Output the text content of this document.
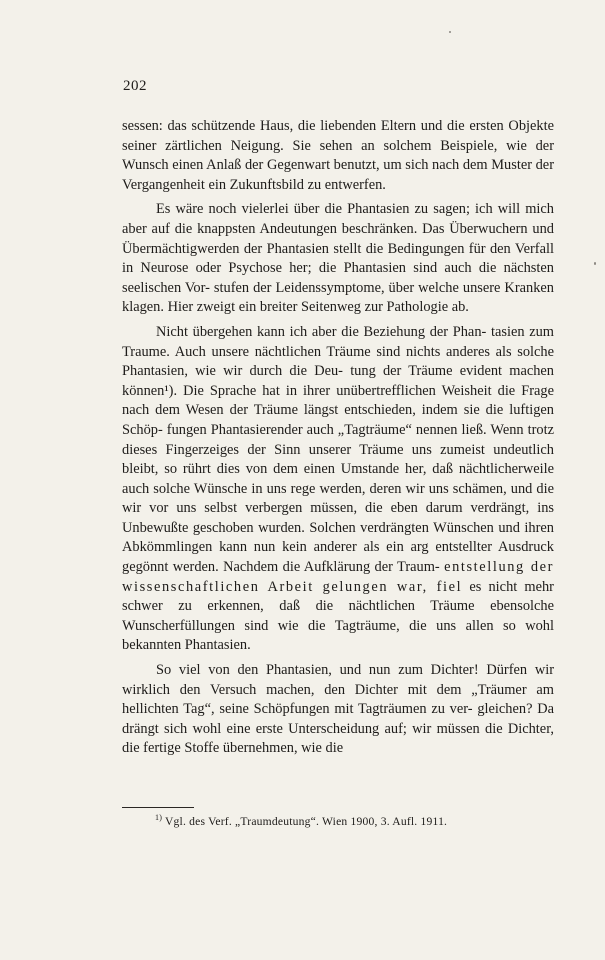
202

sessen: das schützende Haus, die liebenden Eltern und die ersten Objekte seiner zärtlichen Neigung. Sie sehen an solchem Beispiele, wie der Wunsch einen Anlaß der Gegenwart benutzt, um sich nach dem Muster der Vergangenheit ein Zukunftsbild zu entwerfen.

Es wäre noch vielerlei über die Phantasien zu sagen; ich will mich aber auf die knappsten Andeutungen beschränken. Das Überwuchern und Übermächtigwerden der Phantasien stellt die Bedingungen für den Verfall in Neurose oder Psychose her; die Phantasien sind auch die nächsten seelischen Vor- stufen der Leidenssymptome, über welche unsere Kranken klagen. Hier zweigt ein breiter Seitenweg zur Pathologie ab.

Nicht übergehen kann ich aber die Beziehung der Phan- tasien zum Traume. Auch unsere nächtlichen Träume sind nichts anderes als solche Phantasien, wie wir durch die Deu- tung der Träume evident machen können¹). Die Sprache hat in ihrer unübertrefflichen Weisheit die Frage nach dem Wesen der Träume längst entschieden, indem sie die luftigen Schöp- fungen Phantasierender auch „Tagträume“ nennen ließ. Wenn trotz dieses Fingerzeiges der Sinn unserer Träume uns zumeist undeutlich bleibt, so rührt dies von dem einen Umstande her, daß nächtlicherweile auch solche Wünsche in uns rege werden, deren wir uns schämen, und die wir vor uns selbst verbergen müssen, die eben darum verdrängt, ins Unbewußte geschoben wurden. Solchen verdrängten Wünschen und ihren Abkömmlingen kann nun kein anderer als ein arg entstellter Ausdruck gegönnt werden. Nachdem die Aufklärung der Traum- entstellung der wissenschaftlichen Arbeit gelungen war, fiel es nicht mehr schwer zu erkennen, daß die nächtlichen Träume ebensolche Wunscherfüllungen sind wie die Tagträume, die uns allen so wohl bekannten Phantasien.

So viel von den Phantasien, und nun zum Dichter! Dürfen wir wirklich den Versuch machen, den Dichter mit dem „Träumer am hellichten Tag“, seine Schöpfungen mit Tagträumen zu ver- gleichen? Da drängt sich wohl eine erste Unterscheidung auf; wir müssen die Dichter, die fertige Stoffe übernehmen, wie die

$^{1)}$ Vgl. des Verf. „Traumdeutung“. Wien 1900, 3. Aufl. 1911.
